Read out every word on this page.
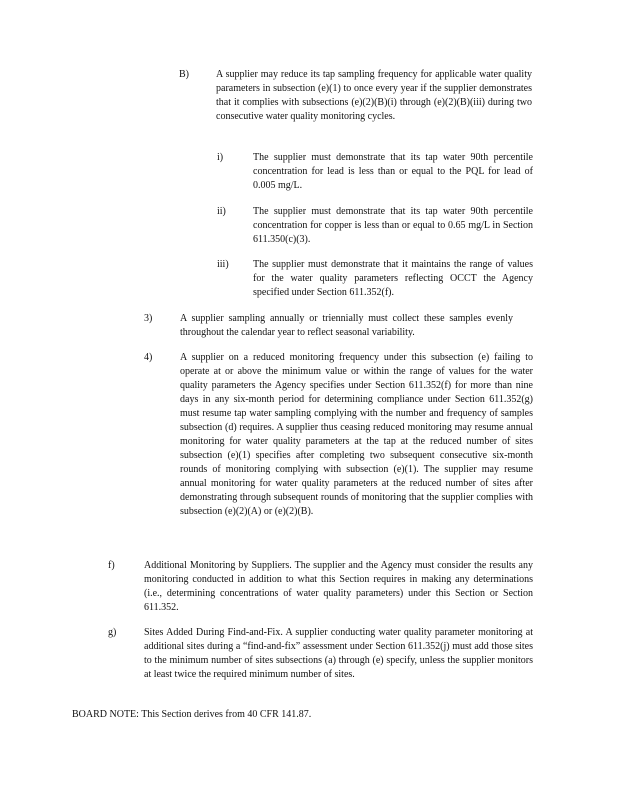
B)	A supplier may reduce its tap sampling frequency for applicable water quality parameters in subsection (e)(1) to once every year if the supplier demonstrates that it complies with subsections (e)(2)(B)(i) through (e)(2)(B)(iii) during two consecutive water quality monitoring cycles.
i)	The supplier must demonstrate that its tap water 90th percentile concentration for lead is less than or equal to the PQL for lead of 0.005 mg/L.
ii)	The supplier must demonstrate that its tap water 90th percentile concentration for copper is less than or equal to 0.65 mg/L in Section 611.350(c)(3).
iii) The supplier must demonstrate that it maintains the range of values for the water quality parameters reflecting OCCT the Agency specified under Section 611.352(f).
3)	A supplier sampling annually or triennially must collect these samples evenly throughout the calendar year to reflect seasonal variability.
4)	A supplier on a reduced monitoring frequency under this subsection (e) failing to operate at or above the minimum value or within the range of values for the water quality parameters the Agency specifies under Section 611.352(f) for more than nine days in any six-month period for determining compliance under Section 611.352(g) must resume tap water sampling complying with the number and frequency of samples subsection (d) requires. A supplier thus ceasing reduced monitoring may resume annual monitoring for water quality parameters at the tap at the reduced number of sites subsection (e)(1) specifies after completing two subsequent consecutive six-month rounds of monitoring complying with subsection (e)(1). The supplier may resume annual monitoring for water quality parameters at the reduced number of sites after demonstrating through subsequent rounds of monitoring that the supplier complies with subsection (e)(2)(A) or (e)(2)(B).
f)	Additional Monitoring by Suppliers. The supplier and the Agency must consider the results any monitoring conducted in addition to what this Section requires in making any determinations (i.e., determining concentrations of water quality parameters) under this Section or Section 611.352.
g)	Sites Added During Find-and-Fix. A supplier conducting water quality parameter monitoring at additional sites during a “find-and-fix” assessment under Section 611.352(j) must add those sites to the minimum number of sites subsections (a) through (e) specify, unless the supplier monitors at least twice the required minimum number of sites.
BOARD NOTE: This Section derives from 40 CFR 141.87.
